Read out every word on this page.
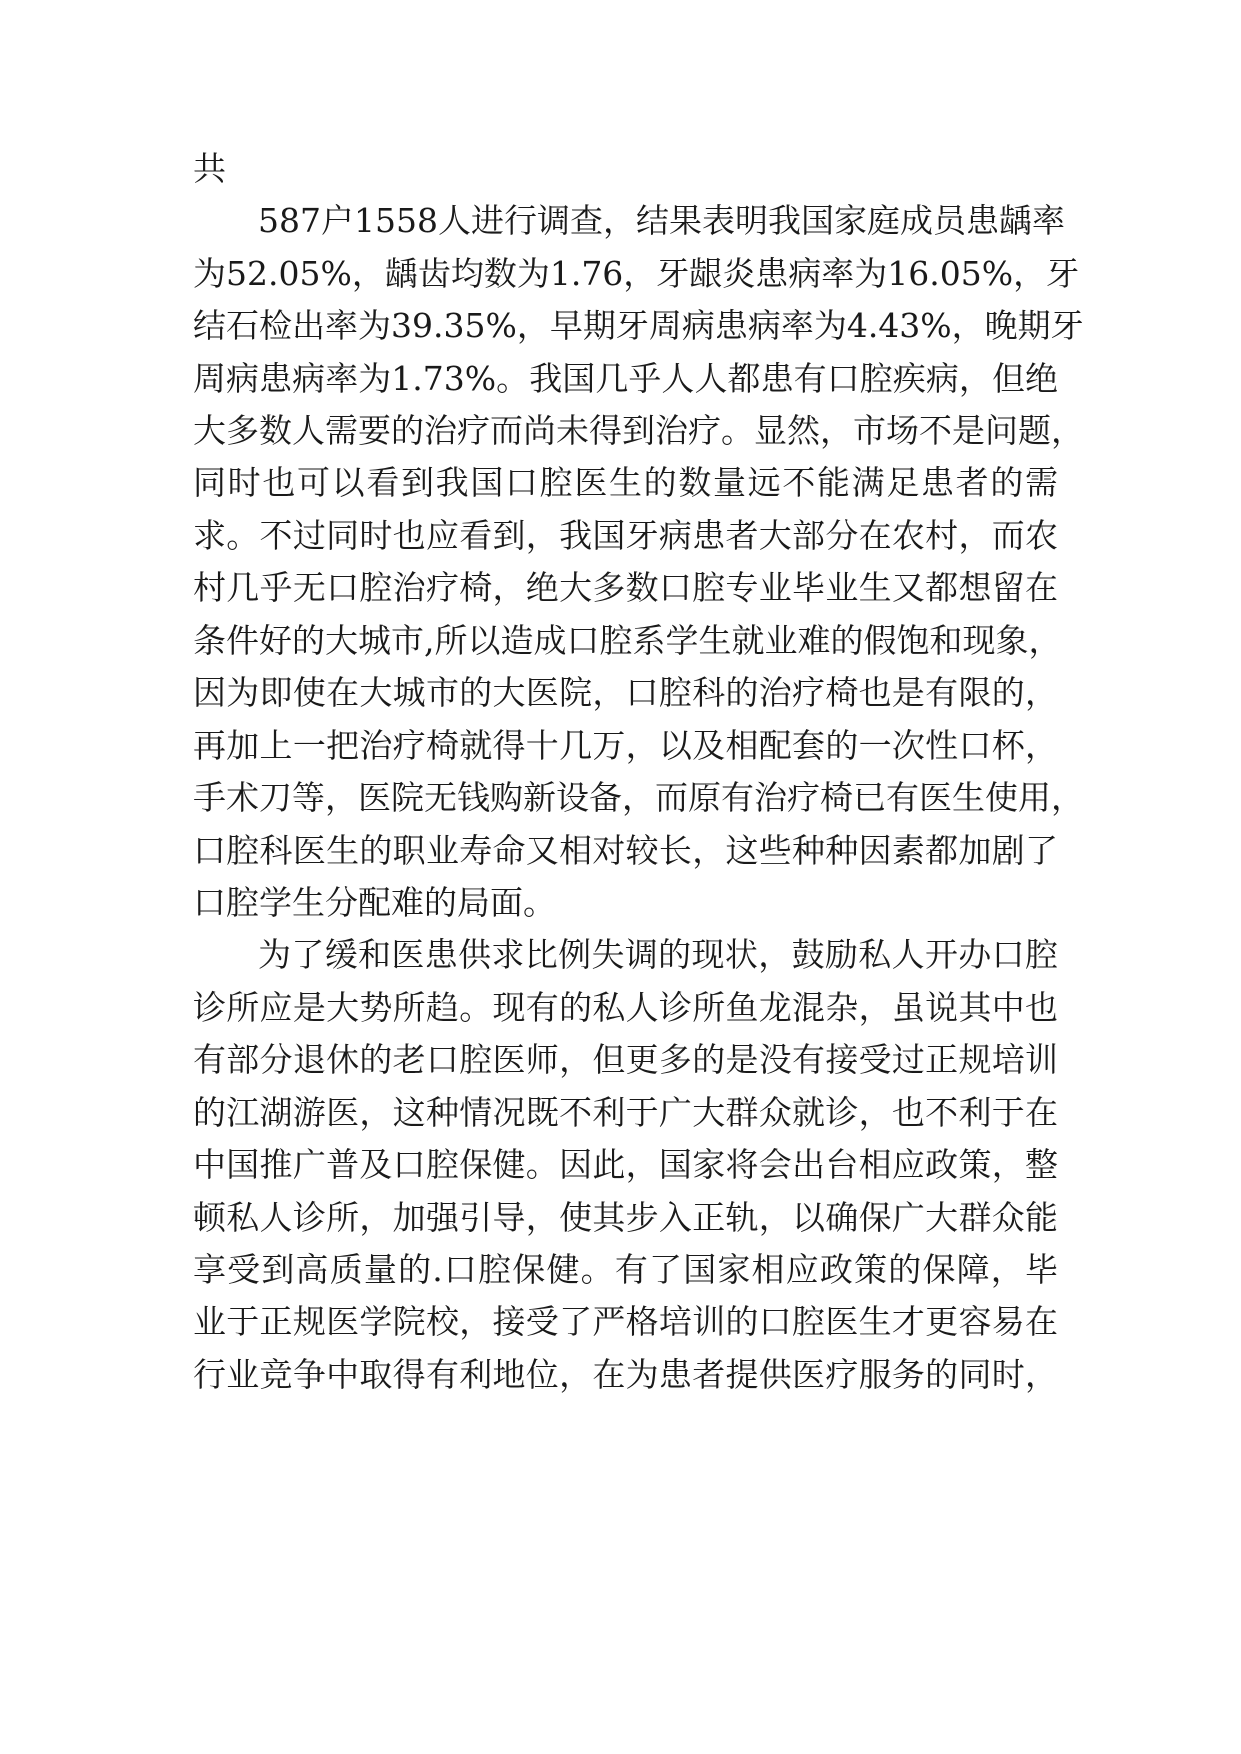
共

587户1558人进行调查，结果表明我国家庭成员患龋率

为52.05%，龋齿均数为1.76，牙龈炎患病率为16.05%，牙

结石检出率为39.35%，早期牙周病患病率为4.43%，晚期牙

周病患病率为1.73%。我国几乎人人都患有口腔疾病，但绝

大多数人需要的治疗而尚未得到治疗。显然，市场不是问题，

同时也可以看到我国口腔医生的数量远不能满足患者的需

求。不过同时也应看到，我国牙病患者大部分在农村，而农

村几乎无口腔治疗椅，绝大多数口腔专业毕业生又都想留在

条件好的大城市,所以造成口腔系学生就业难的假饱和现象，

因为即使在大城市的大医院，口腔科的治疗椅也是有限的，

再加上一把治疗椅就得十几万，以及相配套的一次性口杯，

手术刀等，医院无钱购新设备，而原有治疗椅已有医生使用，

口腔科医生的职业寿命又相对较长，这些种种因素都加剧了

口腔学生分配难的局面。

为了缓和医患供求比例失调的现状，鼓励私人开办口腔

诊所应是大势所趋。现有的私人诊所鱼龙混杂，虽说其中也

有部分退休的老口腔医师，但更多的是没有接受过正规培训

的江湖游医，这种情况既不利于广大群众就诊，也不利于在

中国推广普及口腔保健。因此，国家将会出台相应政策，整

顿私人诊所，加强引导，使其步入正轨，以确保广大群众能

享受到高质量的.口腔保健。有了国家相应政策的保障，毕

业于正规医学院校，接受了严格培训的口腔医生才更容易在

行业竞争中取得有利地位，在为患者提供医疗服务的同时，
